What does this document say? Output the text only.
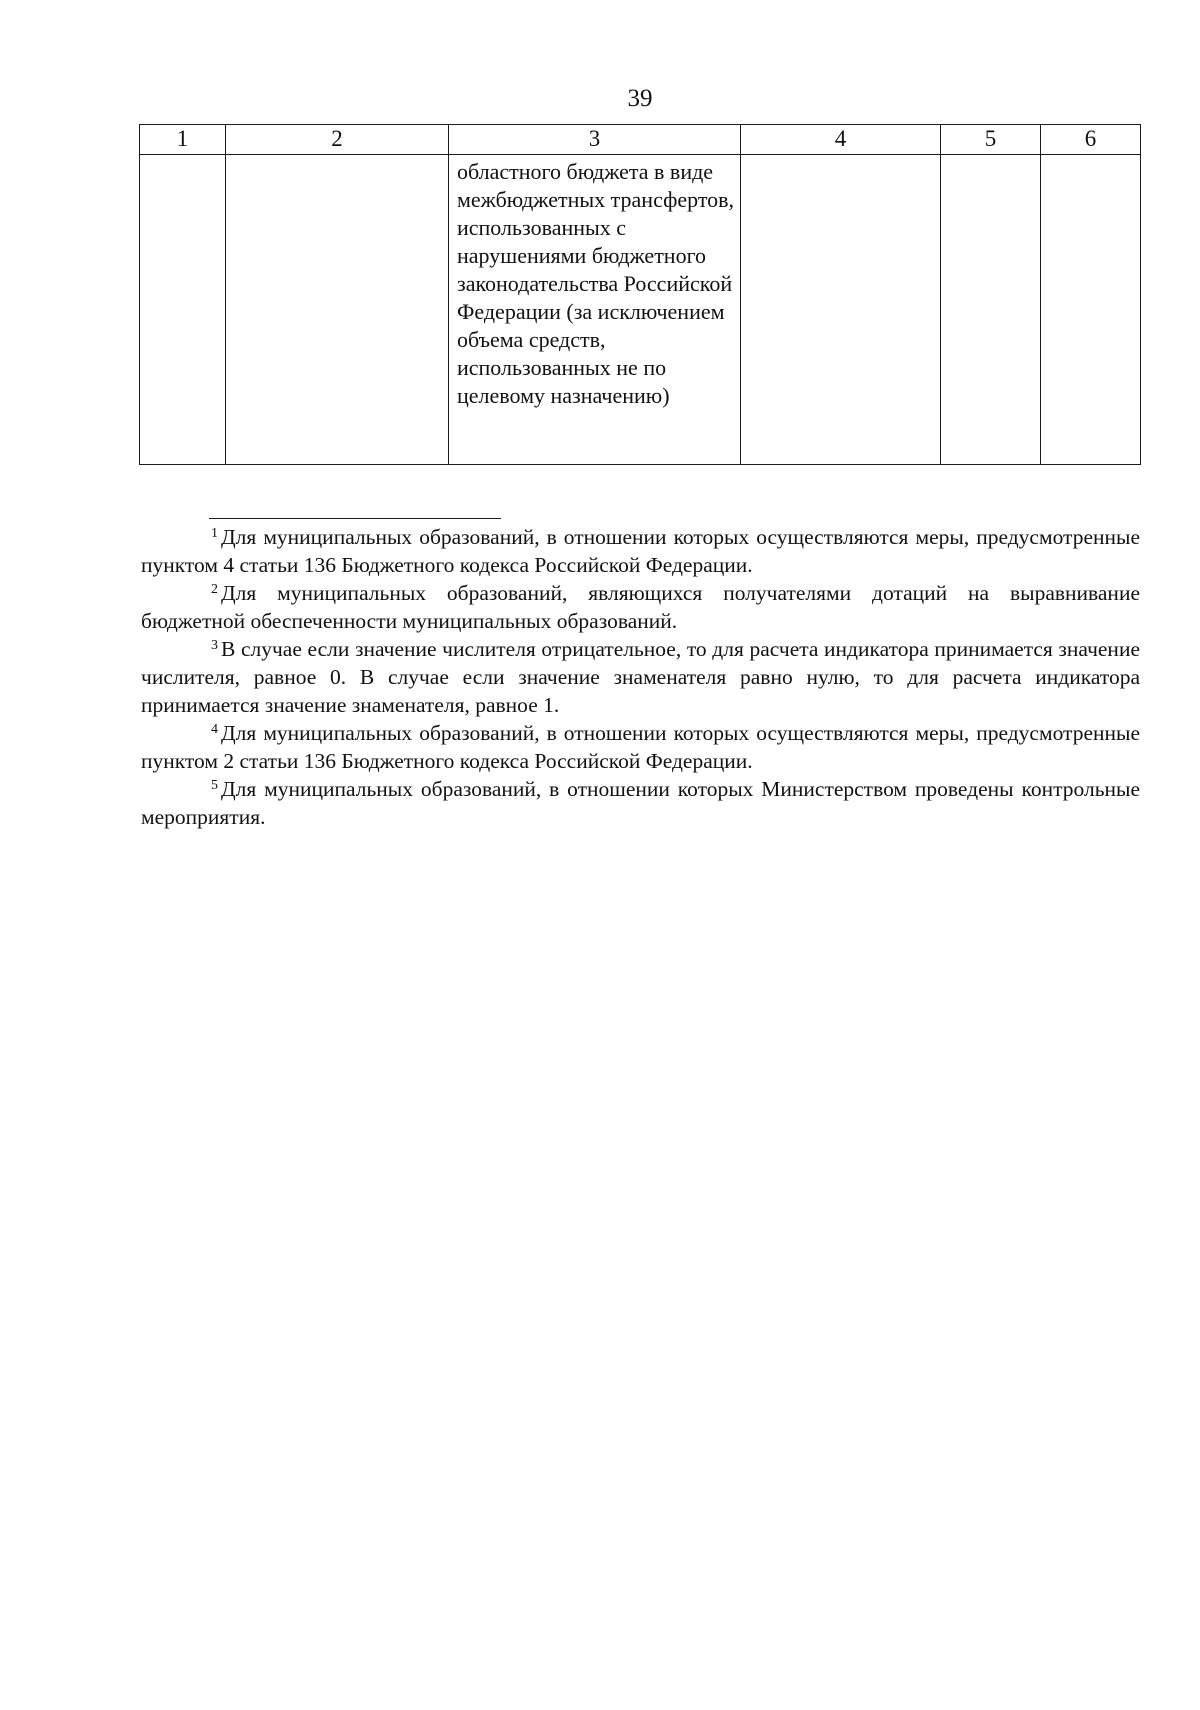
39
1	2	3	4	5	6

		областного бюджета в виде межбюджетных трансфертов, использованных с нарушениями бюджетного законодательства Российской Федерации (за исключением объема средств, использованных не по целевому назначению)			

$^1$ Для муниципальных образований, в отношении которых осуществляются меры, предусмотренные пунктом 4 статьи 136 Бюджетного кодекса Российской Федерации.

$^2$ Для муниципальных образований, являющихся получателями дотаций на выравнивание бюджетной обеспеченности муниципальных образований.

$^3$ В случае если значение числителя отрицательное, то для расчета индикатора принимается значение числителя, равное 0. В случае если значение знаменателя равно нулю, то для расчета индикатора принимается значение знаменателя, равное 1.

$^4$ Для муниципальных образований, в отношении которых осуществляются меры, предусмотренные пунктом 2 статьи 136 Бюджетного кодекса Российской Федерации.

$^5$ Для муниципальных образований, в отношении которых Министерством проведены контрольные мероприятия.
